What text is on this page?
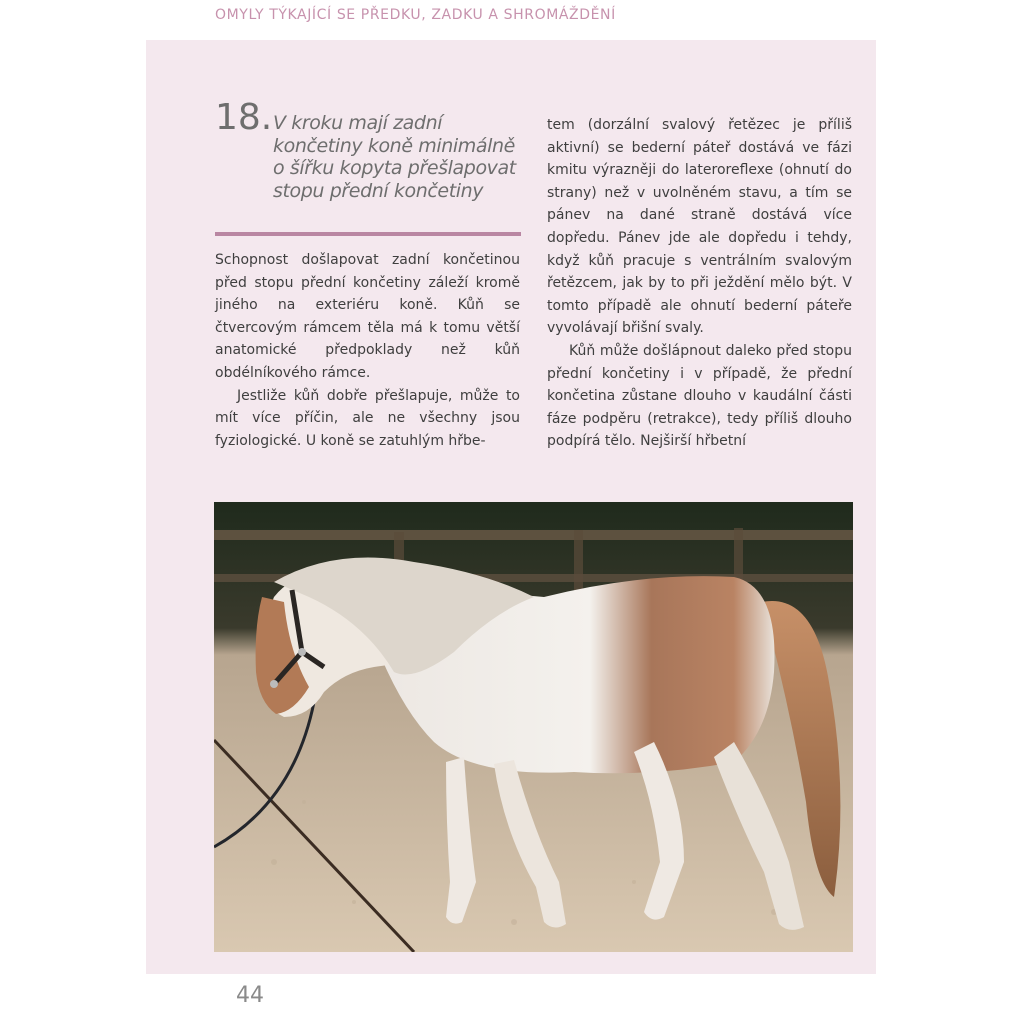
OMYLY TÝKAJÍCÍ SE PŘEDKU, ZADKU A SHROMÁŽDĚNÍ
18. V kroku mají zadní končetiny koně minimálně o šířku kopyta přešlapovat stopu přední končetiny

Schopnost došlapovat zadní končetinou před stopu přední končetiny záleží kromě jiného na exteriéru koně. Kůň se čtvercovým rámcem těla má k tomu větší anatomické předpoklady než kůň obdélníkového rámce.

Jestliže kůň dobře přešlapuje, může to mít více příčin, ale ne všechny jsou fyziologické. U koně se zatuhlým hřbe-

tem (dorzální svalový řetězec je příliš aktivní) se bederní páteř dostává ve fázi kmitu výrazněji do lateroreflexe (ohnutí do strany) než v uvolněném stavu, a tím se pánev na dané straně dostává více dopředu. Pánev jde ale dopředu i tehdy, když kůň pracuje s ventrálním svalovým řetězcem, jak by to při ježdění mělo být. V tomto případě ale ohnutí bederní páteře vyvolávají břišní svaly.

Kůň může došlápnout daleko před stopu přední končetiny i v případě, že přední končetina zůstane dlouho v kaudální části fáze podpěru (retrakce), tedy příliš dlouho podpírá tělo. Nejširší hřbetní

44
